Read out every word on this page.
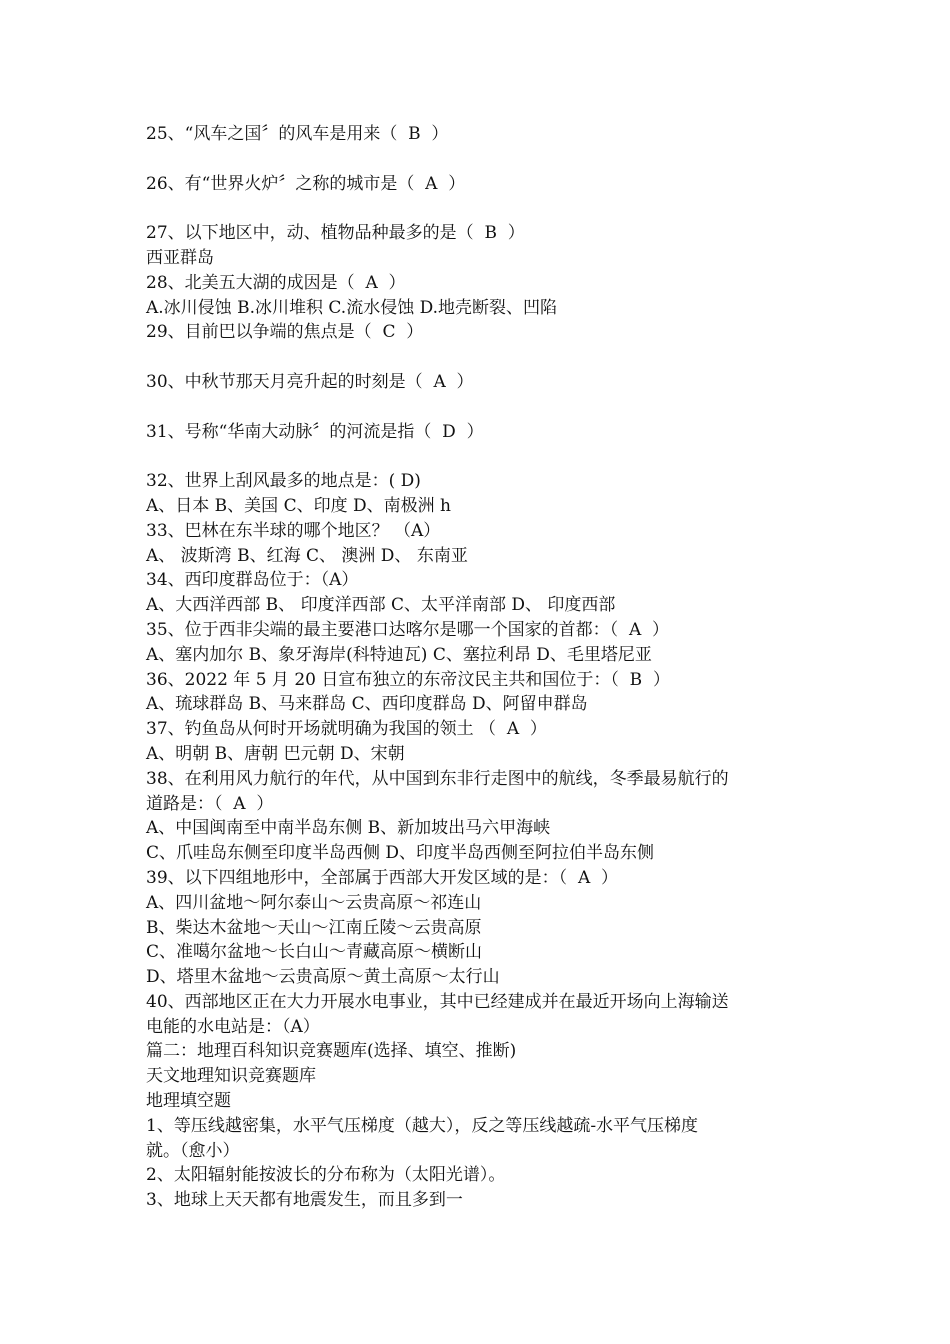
25、“风车之国〞的风车是用来（  B  ）
26、有“世界火炉〞之称的城市是（  A  ）
27、以下地区中，动、植物品种最多的是（  B  ）
西亚群岛
28、北美五大湖的成因是（  A  ）
A.冰川侵蚀 B.冰川堆积 C.流水侵蚀 D.地壳断裂、凹陷
29、目前巴以争端的焦点是（  C  ）
30、中秋节那天月亮升起的时刻是（  A  ）
31、号称“华南大动脉〞的河流是指（  D  ）
32、世界上刮风最多的地点是：( D)
A、日本 B、美国 C、印度 D、南极洲 h
33、巴林在东半球的哪个地区？ （A）
A、 波斯湾 B、红海 C、 澳洲 D、 东南亚
34、西印度群岛位于：（A）
A、大西洋西部 B、 印度洋西部 C、太平洋南部 D、 印度西部
35、位于西非尖端的最主要港口达喀尔是哪一个国家的首都：（  A  ）
A、塞内加尔 B、象牙海岸(科特迪瓦) C、塞拉利昂 D、毛里塔尼亚
36、2022 年 5 月 20 日宣布独立的东帝汶民主共和国位于：（  B  ）
A、琉球群岛 B、马来群岛 C、西印度群岛 D、阿留申群岛
37、钓鱼岛从何时开场就明确为我国的领土 （  A  ）
A、明朝 B、唐朝 巴元朝 D、宋朝
38、在利用风力航行的年代，从中国到东非行走图中的航线，冬季最易航行的
道路是：（  A  ）
A、中国闽南至中南半岛东侧 B、新加坡出马六甲海峡
C、爪哇岛东侧至印度半岛西侧 D、印度半岛西侧至阿拉伯半岛东侧
39、以下四组地形中，全部属于西部大开发区域的是：（  A  ）
A、四川盆地～阿尔泰山～云贵高原～祁连山
B、柴达木盆地～天山～江南丘陵～云贵高原
C、准噶尔盆地～长白山～青藏高原～横断山
D、塔里木盆地～云贵高原～黄土高原～太行山
40、西部地区正在大力开展水电事业，其中已经建成并在最近开场向上海输送
电能的水电站是：（A）
篇二：地理百科知识竞赛题库(选择、填空、推断)
天文地理知识竞赛题库
地理填空题
1、等压线越密集，水平气压梯度（越大），反之等压线越疏-水平气压梯度
就。（愈小）
2、太阳辐射能按波长的分布称为（太阳光谱）。
3、地球上天天都有地震发生，而且多到一
